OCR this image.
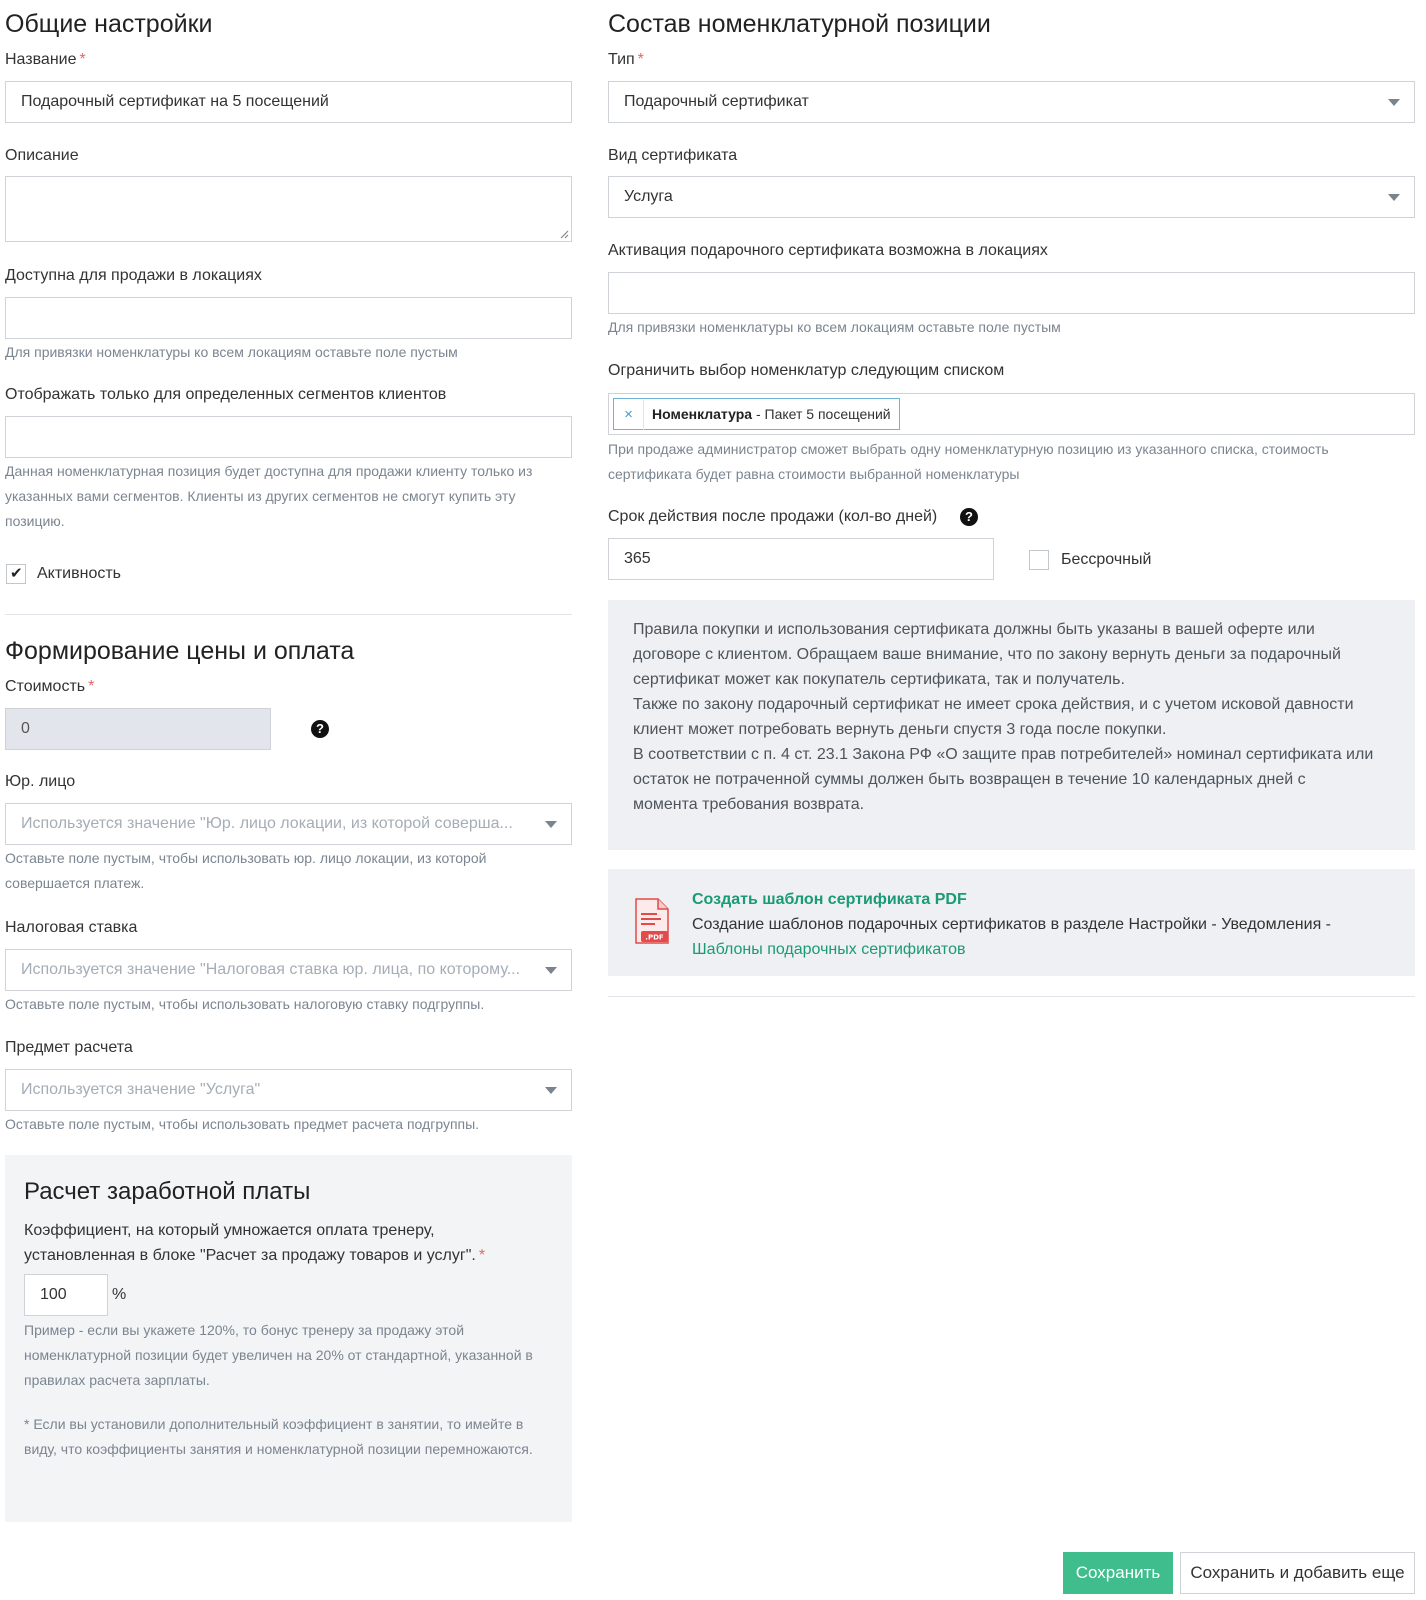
Общие настройки
Название *
Подарочный сертификат на 5 посещений
Описание
Доступна для продажи в локациях
Для привязки номенклатуры ко всем локациям оставьте поле пустым
Отображать только для определенных сегментов клиентов
Данная номенклатурная позиция будет доступна для продажи клиенту только из указанных вами сегментов. Клиенты из других сегментов не смогут купить эту позицию.
✔ Активность
Формирование цены и оплата
Стоимость *
0	?
Юр. лицо
Используется значение "Юр. лицо локации, из которой соверша...
Оставьте поле пустым, чтобы использовать юр. лицо локации, из которой совершается платеж.
Налоговая ставка
Используется значение "Налоговая ставка юр. лица, по которому...
Оставьте поле пустым, чтобы использовать налоговую ставку подгруппы.
Предмет расчета
Используется значение "Услуга"
Оставьте поле пустым, чтобы использовать предмет расчета подгруппы.
Расчет заработной платы
Коэффициент, на который умножается оплата тренеру,
установленная в блоке "Расчет за продажу товаров и услуг". *
100	%
Пример - если вы укажете 120%, то бонус тренеру за продажу этой номенклатурной позиции будет увеличен на 20% от стандартной, указанной в правилах расчета зарплаты.
* Если вы установили дополнительный коэффициент в занятии, то имейте в виду, что коэффициенты занятия и номенклатурной позиции перемножаются.
Состав номенклатурной позиции
Тип *
Подарочный сертификат
Вид сертификата
Услуга
Активация подарочного сертификата возможна в локациях
Для привязки номенклатуры ко всем локациям оставьте поле пустым
Ограничить выбор номенклатур следующим списком
× Номенклатура - Пакет 5 посещений
При продаже администратор сможет выбрать одну номенклатурную позицию из указанного списка, стоимость сертификата будет равна стоимости выбранной номенклатуры
Срок действия после продажи (кол-во дней)	?
365	Бессрочный
Правила покупки и использования сертификата должны быть указаны в вашей оферте или
договоре с клиентом. Обращаем ваше внимание, что по закону вернуть деньги за подарочный
сертификат может как покупатель сертификата, так и получатель.
Также по закону подарочный сертификат не имеет срока действия, и с учетом исковой давности
клиент может потребовать вернуть деньги спустя 3 года после покупки.
В соответствии с п. 4 ст. 23.1 Закона РФ «О защите прав потребителей» номинал сертификата или
остаток не потраченной суммы должен быть возвращен в течение 10 календарных дней с
момента требования возврата.
.PDF
Создать шаблон сертификата PDF
Создание шаблонов подарочных сертификатов в разделе Настройки - Уведомления -
Шаблоны подарочных сертификатов
Сохранить	Сохранить и добавить еще
